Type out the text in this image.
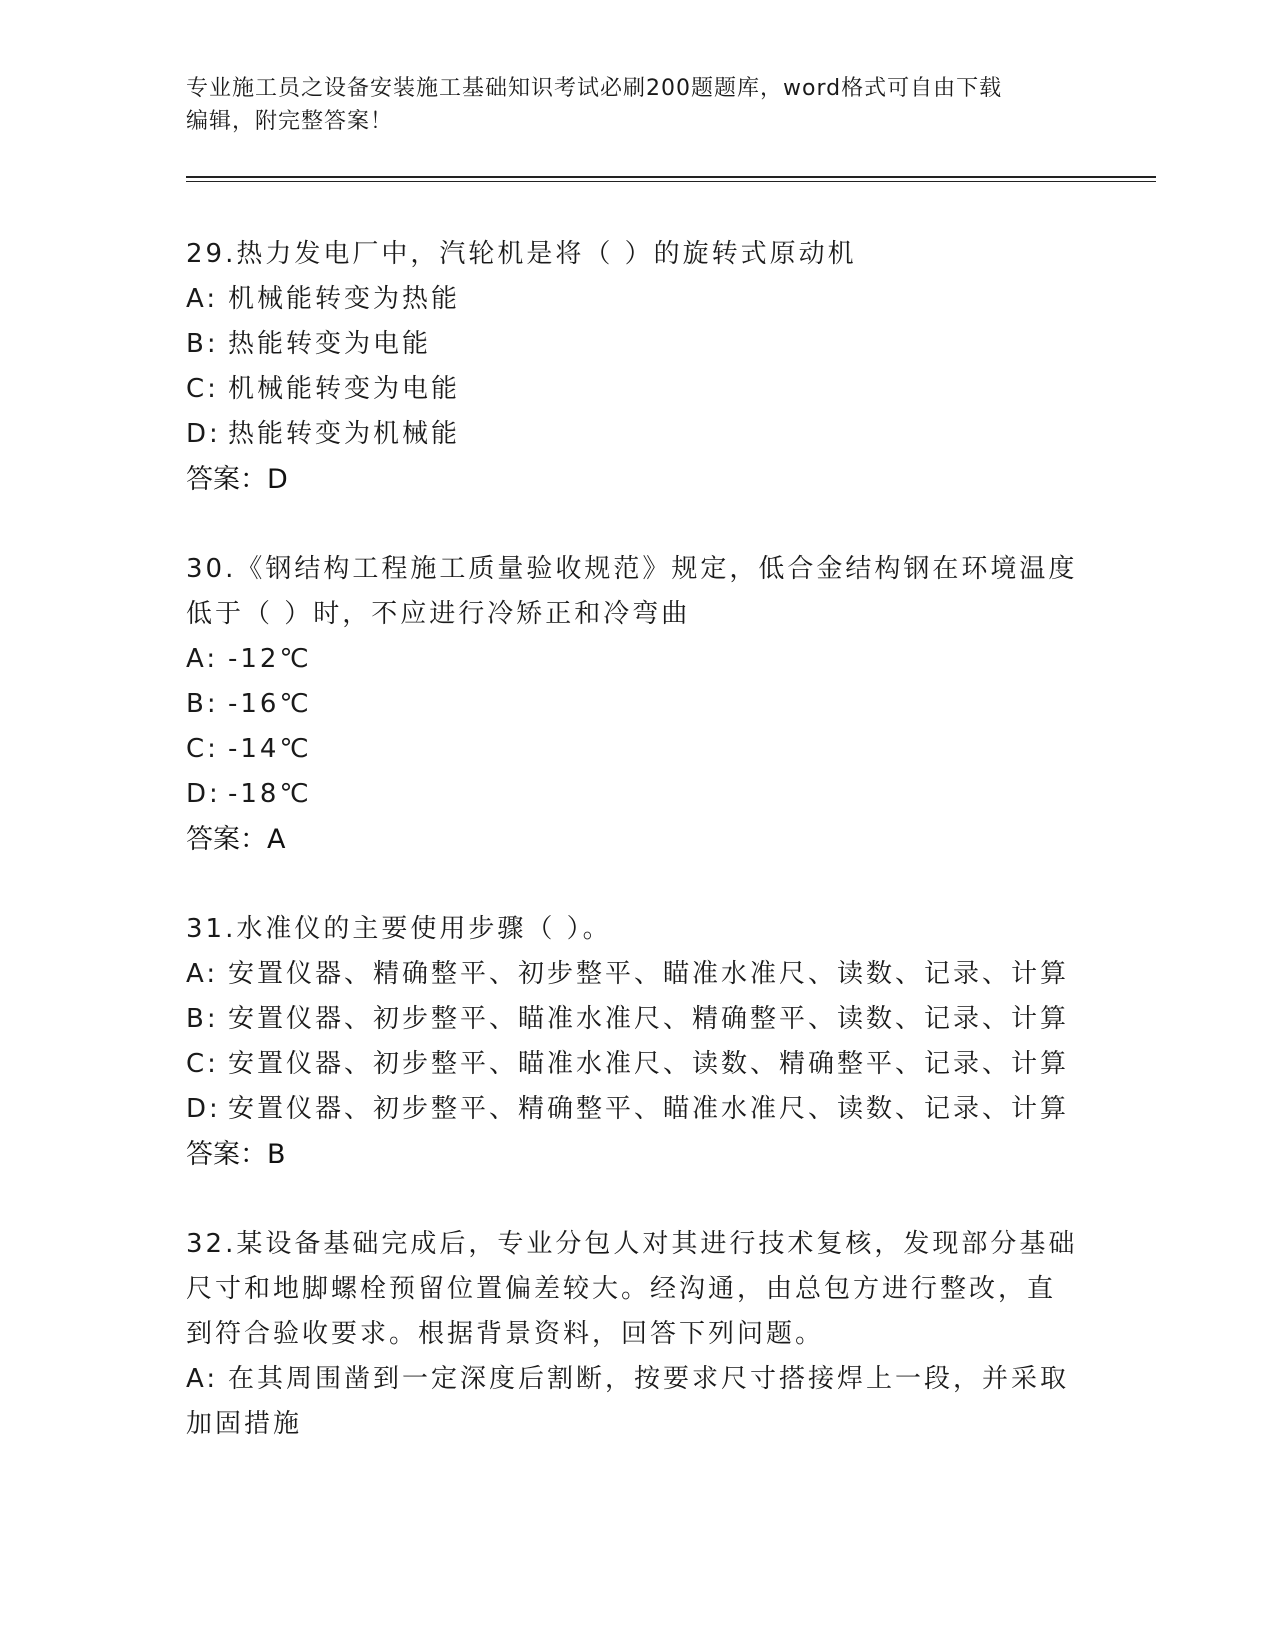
专业施工员之设备安装施工基础知识考试必刷200题题库，word格式可自由下载
编辑，附完整答案！
29.热力发电厂中，汽轮机是将（ ）的旋转式原动机
A: 机械能转变为热能
B: 热能转变为电能
C: 机械能转变为电能
D: 热能转变为机械能
答案：D
30.《钢结构工程施工质量验收规范》规定，低合金结构钢在环境温度
低于（ ）时，不应进行冷矫正和冷弯曲
A: -12℃
B: -16℃
C: -14℃
D: -18℃
答案：A
31.水准仪的主要使用步骤（ ）。
A: 安置仪器、精确整平、初步整平、瞄准水准尺、读数、记录、计算
B: 安置仪器、初步整平、瞄准水准尺、精确整平、读数、记录、计算
C: 安置仪器、初步整平、瞄准水准尺、读数、精确整平、记录、计算
D: 安置仪器、初步整平、精确整平、瞄准水准尺、读数、记录、计算
答案：B
32.某设备基础完成后，专业分包人对其进行技术复核，发现部分基础
尺寸和地脚螺栓预留位置偏差较大。经沟通，由总包方进行整改，直
到符合验收要求。根据背景资料，回答下列问题。
A: 在其周围凿到一定深度后割断，按要求尺寸搭接焊上一段，并采取
加固措施
